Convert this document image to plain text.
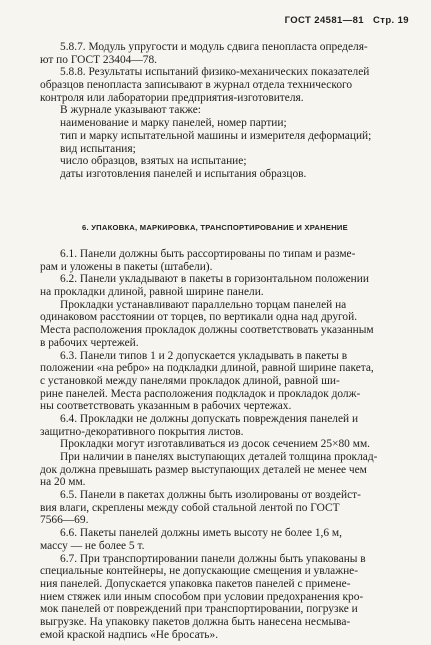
ГОСТ 24581—81 Стр. 19
5.8.7. Модуль упругости и модуль сдвига пенопласта определя-
ют по ГОСТ 23404—78.
5.8.8. Результаты испытаний физико-механических показателей
образцов пенопласта записывают в журнал отдела технического
контроля или лаборатории предприятия-изготовителя.
В журнале указывают также:
наименование и марку панелей, номер партии;
тип и марку испытательной машины и измерителя деформаций;
вид испытания;
число образцов, взятых на испытание;
даты изготовления панелей и испытания образцов.
6. УПАКОВКА, МАРКИРОВКА, ТРАНСПОРТИРОВАНИЕ И ХРАНЕНИЕ
6.1. Панели должны быть рассортированы по типам и разме-
рам и уложены в пакеты (штабели).
6.2. Панели укладывают в пакеты в горизонтальном положении
на прокладки длиной, равной ширине панели.
Прокладки устанавливают параллельно торцам панелей на
одинаковом расстоянии от торцев, по вертикали одна над другой.
Места расположения прокладок должны соответствовать указанным
в рабочих чертежей.
6.3. Панели типов 1 и 2 допускается укладывать в пакеты в
положении «на ребро» на подкладки длиной, равной ширине пакета,
с установкой между панелями прокладок длиной, равной ши-
рине панелей. Места расположения подкладок и прокладок долж-
ны соответствовать указанным в рабочих чертежах.
6.4. Прокладки не должны допускать повреждения панелей и
защитно-декоративного покрытия листов.
Прокладки могут изготавливаться из досок сечением 25×80 мм.
При наличии в панелях выступающих деталей толщина проклад-
док должна превышать размер выступающих деталей не менее чем
на 20 мм.
6.5. Панели в пакетах должны быть изолированы от воздейст-
вия влаги, скреплены между собой стальной лентой по ГОСТ
7566—69.
6.6. Пакеты панелей должны иметь высоту не более 1,6 м,
массу — не более 5 т.
6.7. При транспортировании панели должны быть упакованы в
специальные контейнеры, не допускающие смещения и увлажне-
ния панелей. Допускается упаковка пакетов панелей с примене-
нием стяжек или иным способом при условии предохранения кро-
мок панелей от повреждений при транспортировании, погрузке и
выгрузке. На упаковку пакетов должна быть нанесена несмыва-
емой краской надпись «Не бросать».
